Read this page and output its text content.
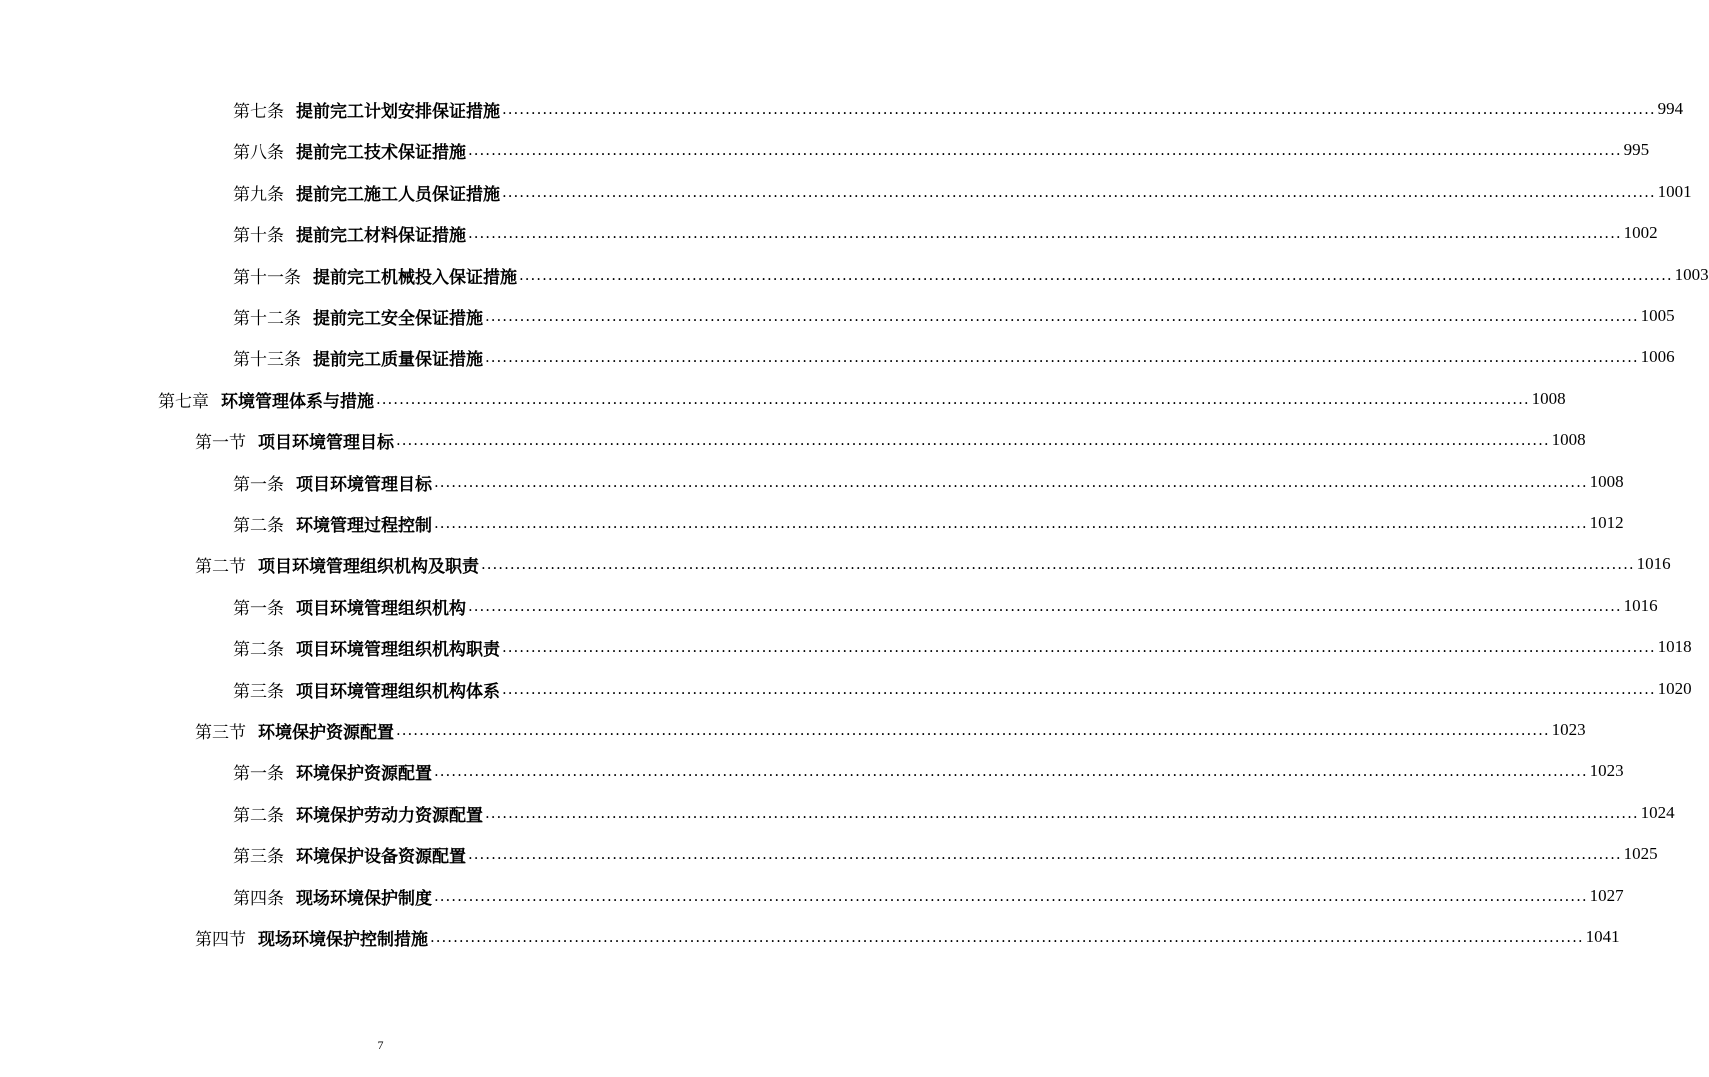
第七条 提前完工计划安排保证措施 ........................................................................................................................................................................................................ 994
第八条 提前完工技术保证措施 ........................................................................................................................................................................................................ 995
第九条 提前完工施工人员保证措施 ........................................................................................................................................................................................................ 1001
第十条 提前完工材料保证措施 ........................................................................................................................................................................................................ 1002
第十一条 提前完工机械投入保证措施 ........................................................................................................................................................................................................ 1003
第十二条 提前完工安全保证措施 ........................................................................................................................................................................................................ 1005
第十三条 提前完工质量保证措施 ........................................................................................................................................................................................................ 1006
第七章 环境管理体系与措施 ........................................................................................................................................................................................................ 1008
第一节 项目环境管理目标 ........................................................................................................................................................................................................ 1008
第一条 项目环境管理目标 ........................................................................................................................................................................................................ 1008
第二条 环境管理过程控制 ........................................................................................................................................................................................................ 1012
第二节 项目环境管理组织机构及职责 ........................................................................................................................................................................................................ 1016
第一条 项目环境管理组织机构 ........................................................................................................................................................................................................ 1016
第二条 项目环境管理组织机构职责 ........................................................................................................................................................................................................ 1018
第三条 项目环境管理组织机构体系 ........................................................................................................................................................................................................ 1020
第三节 环境保护资源配置 ........................................................................................................................................................................................................ 1023
第一条 环境保护资源配置 ........................................................................................................................................................................................................ 1023
第二条 环境保护劳动力资源配置 ........................................................................................................................................................................................................ 1024
第三条 环境保护设备资源配置 ........................................................................................................................................................................................................ 1025
第四条 现场环境保护制度 ........................................................................................................................................................................................................ 1027
第四节 现场环境保护控制措施 ........................................................................................................................................................................................................ 1041
7
